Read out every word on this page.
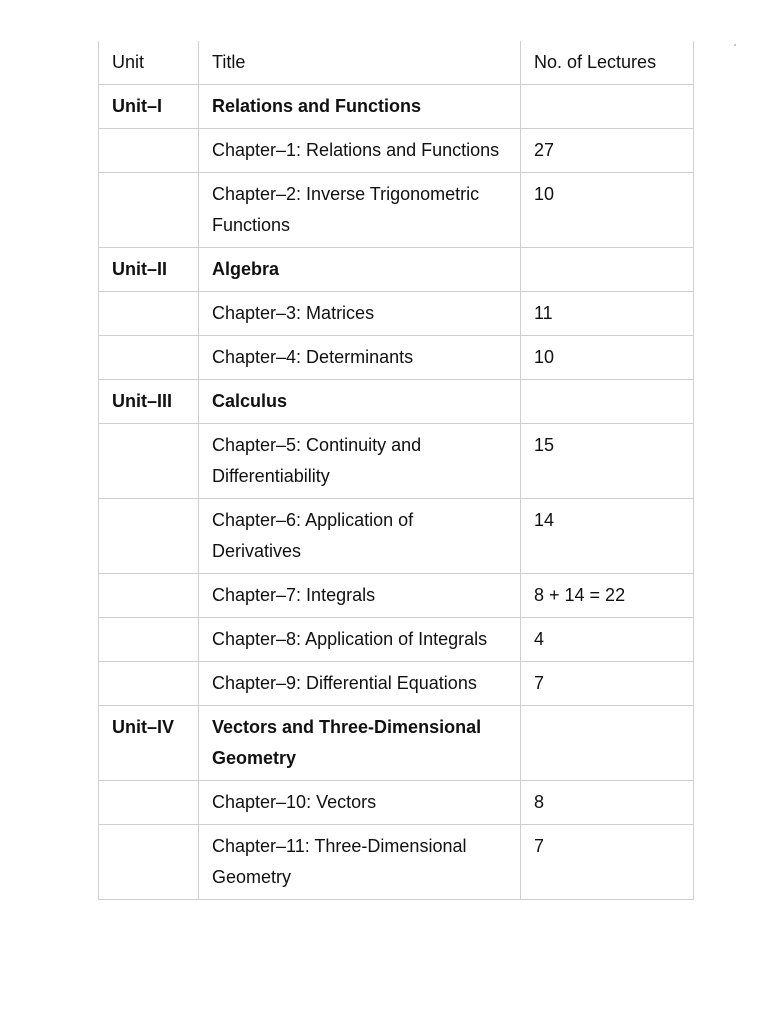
ˈ
Unit	Title	No. of Lectures
Unit–I	Relations and Functions	
	Chapter–1: Relations and Functions	27
	Chapter–2: Inverse Trigonometric Functions	10
Unit–II	Algebra	
	Chapter–3: Matrices	11
	Chapter–4: Determinants	10
Unit–III	Calculus	
	Chapter–5: Continuity and Differentiability	15
	Chapter–6: Application of Derivatives	14
	Chapter–7: Integrals	8 + 14 = 22
	Chapter–8: Application of Integrals	4
	Chapter–9: Differential Equations	7
Unit–IV	Vectors and Three-Dimensional Geometry	
	Chapter–10: Vectors	8
	Chapter–11: Three-Dimensional Geometry	7
